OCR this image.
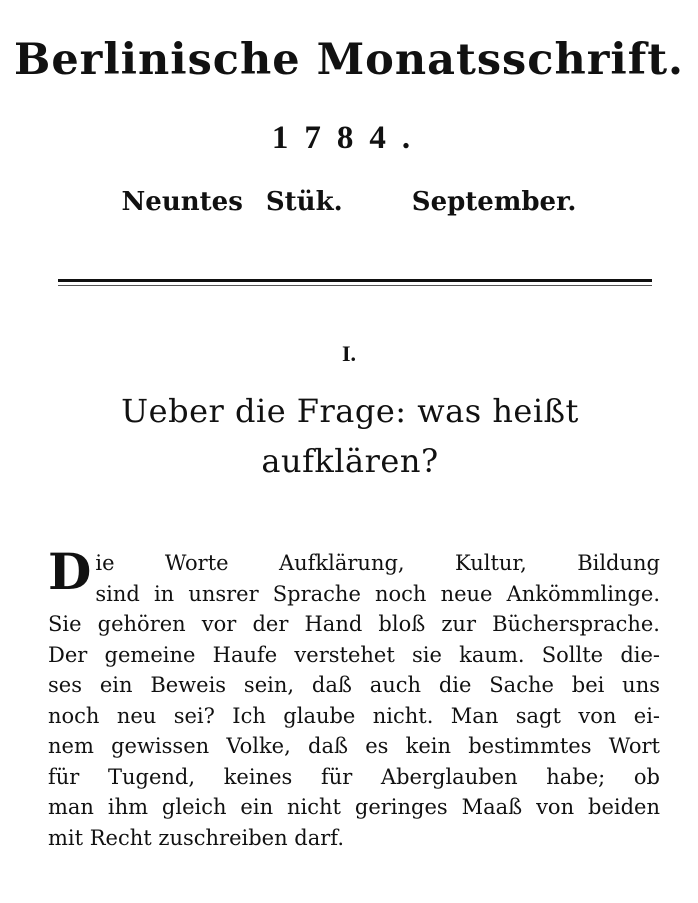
Berlinische Monatsschrift.
1784.
Neuntes Stük.   September.
I.
Ueber die Frage: was heißt
aufklären?
D ie Worte Aufklärung, Kultur, Bildung
sind in unsrer Sprache noch neue Ankömmlinge.
Sie gehören vor der Hand bloß zur Büchersprache.
Der gemeine Haufe verstehet sie kaum. Sollte die-
ses ein Beweis sein, daß auch die Sache bei uns
noch neu sei? Ich glaube nicht. Man sagt von ei-
nem gewissen Volke, daß es kein bestimmtes Wort
für Tugend, keines für Aberglauben habe; ob
man ihm gleich ein nicht geringes Maaß von beiden
mit Recht zuschreiben darf.
